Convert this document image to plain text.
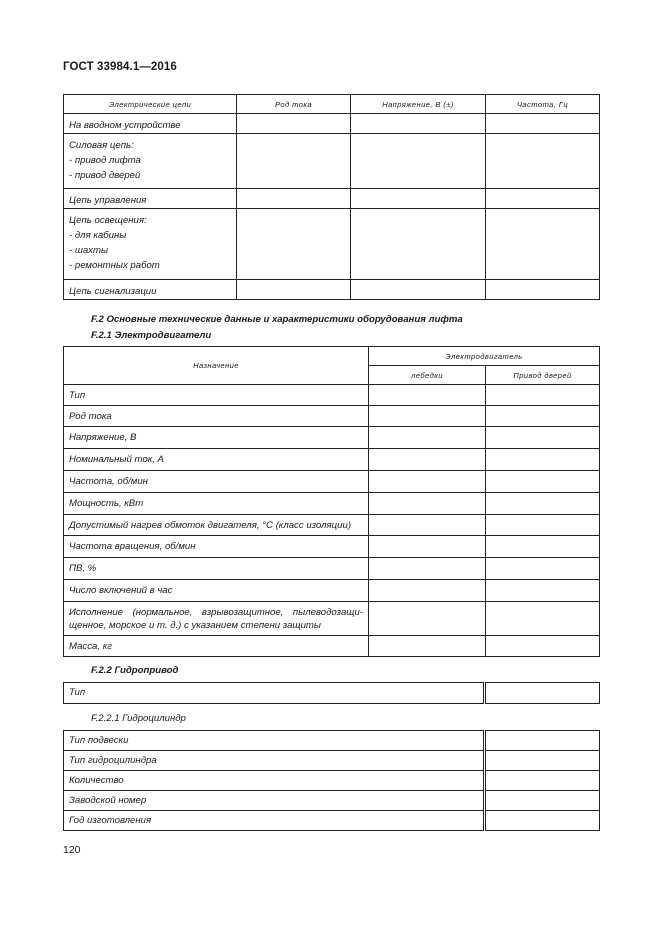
ГОСТ 33984.1—2016
Электрические цепи	Род тока	Напряжение, В (±)	Частота, Гц

На вводном устройстве			

Силовая цепь:
- привод лифта
- привод дверей			

Цепь управления			

Цепь освещения:
- для кабины
- шахты
- ремонтных работ			

Цепь сигнализации			

F.2 Основные технические данные и характеристики оборудования лифта
F.2.1 Электродвигатели
Назначение	Электродвигатель	
	лебедки	Привод дверей
Тип		
Род тока		
Напряжение, В		
Номинальный ток, А		
Частота, об/мин		
Мощность, кВт		
Допустимый нагрев обмоток двигателя, °С (класс изоляции)		
Частота вращения, об/мин		
ПВ, %		
Число включений в час		

Исполнение (нормальное, взрывозащитное, пылеводозащи-
щенное, морское и т. д.) с указанием степени защиты		
Масса, кг		
F.2.2 Гидропривод
Тип	
F.2.2.1 Гидроцилиндр
Тип подвески	
Тип гидроцилиндра	
Количество	
Заводской номер	
Год изготовления	
120
